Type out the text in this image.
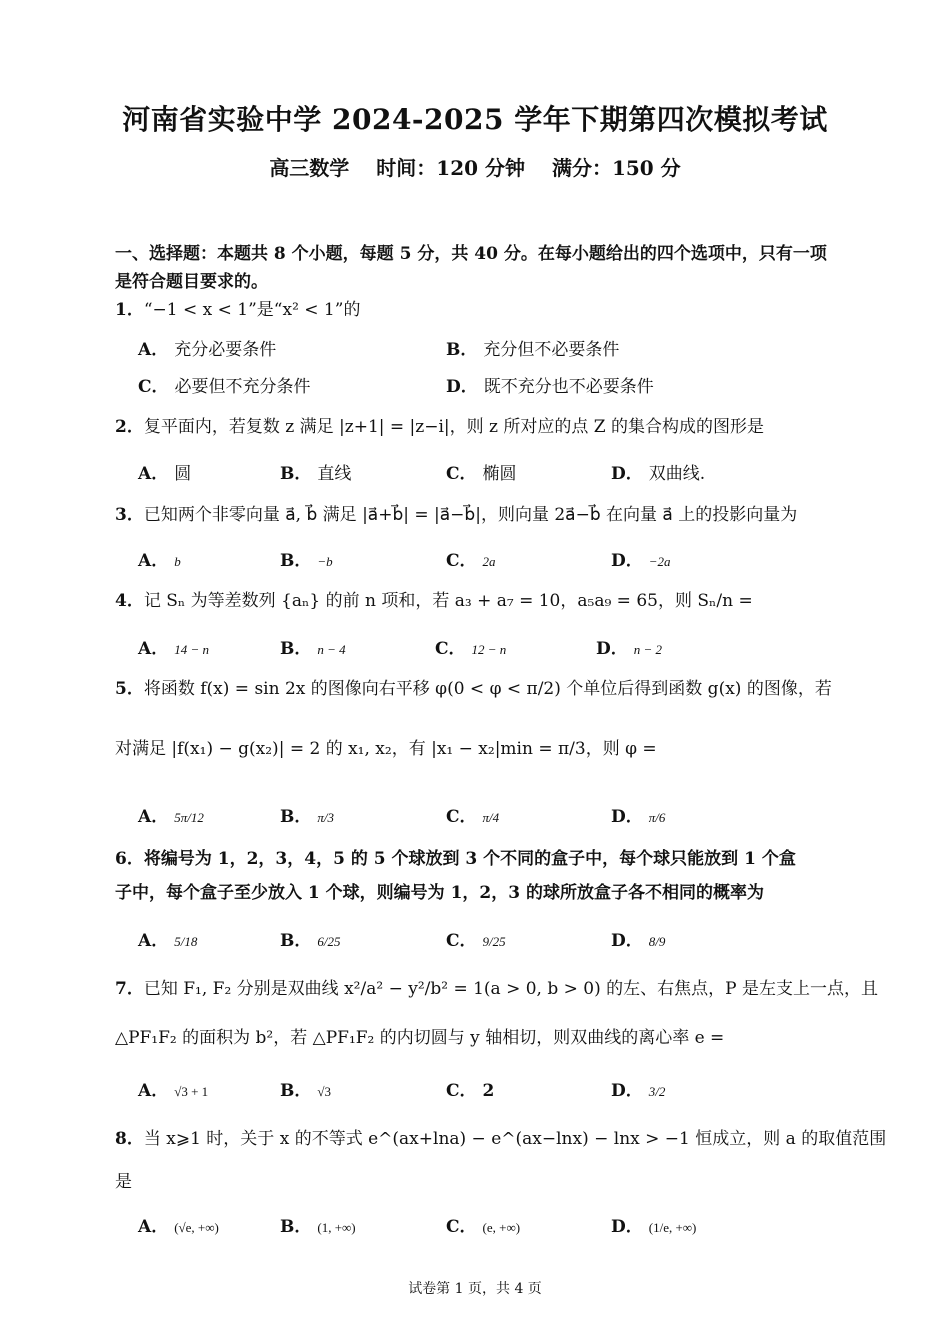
河南省实验中学 2024-2025 学年下期第四次模拟考试
高三数学 时间：120 分钟 满分：150 分
一、选择题：本题共 8 个小题，每题 5 分，共 40 分。在每小题给出的四个选项中，只有一项是符合题目要求的。
1．“−1 < x < 1”是“x² < 1”的
A． 充分必要条件	B． 充分但不必要条件
C． 必要但不充分条件	D． 既不充分也不必要条件
2．复平面内，若复数 z 满足 |z+1| = |z−i|，则 z 所对应的点 Z 的集合构成的图形是
A． 圆	B． 直线	C． 椭圆	D． 双曲线.
3．已知两个非零向量 a⃗, b⃗ 满足 |a⃗+b⃗| = |a⃗−b⃗|，则向量 2a⃗−b⃗ 在向量 a⃗ 上的投影向量为
A． b⃗	B． −b⃗	C． 2a⃗	D． −2a⃗
4．记 Sₙ 为等差数列 {aₙ} 的前 n 项和，若 a₃ + a₇ = 10，a₅a₉ = 65，则 Sₙ/n =
A． 14 − n	B． n − 4	C． 12 − n	D． n − 2
5．将函数 f(x) = sin 2x 的图像向右平移 φ(0 < φ < π/2) 个单位后得到函数 g(x) 的图像，若
对满足 |f(x₁) − g(x₂)| = 2 的 x₁, x₂，有 |x₁ − x₂|min = π/3，则 φ =
A． 5π/12	B． π/3	C． π/4	D． π/6
6．将编号为 1，2，3，4，5 的 5 个球放到 3 个不同的盒子中，每个球只能放到 1 个盒
子中，每个盒子至少放入 1 个球，则编号为 1，2，3 的球所放盒子各不相同的概率为
A． 5/18	B． 6/25	C． 9/25	D． 8/9
7．已知 F₁, F₂ 分别是双曲线 x²/a² − y²/b² = 1(a > 0, b > 0) 的左、右焦点，P 是左支上一点，且
△PF₁F₂ 的面积为 b²，若 △PF₁F₂ 的内切圆与 y 轴相切，则双曲线的离心率 e =
A． √3 + 1	B． √3	C． 2	D． 3/2
8．当 x⩾1 时，关于 x 的不等式 e^(ax+lna) − e^(ax−lnx) − lnx > −1 恒成立，则 a 的取值范围
是
A． (√e, +∞)	B． (1, +∞)	C． (e, +∞)	D． (1/e, +∞)
试卷第 1 页，共 4 页
